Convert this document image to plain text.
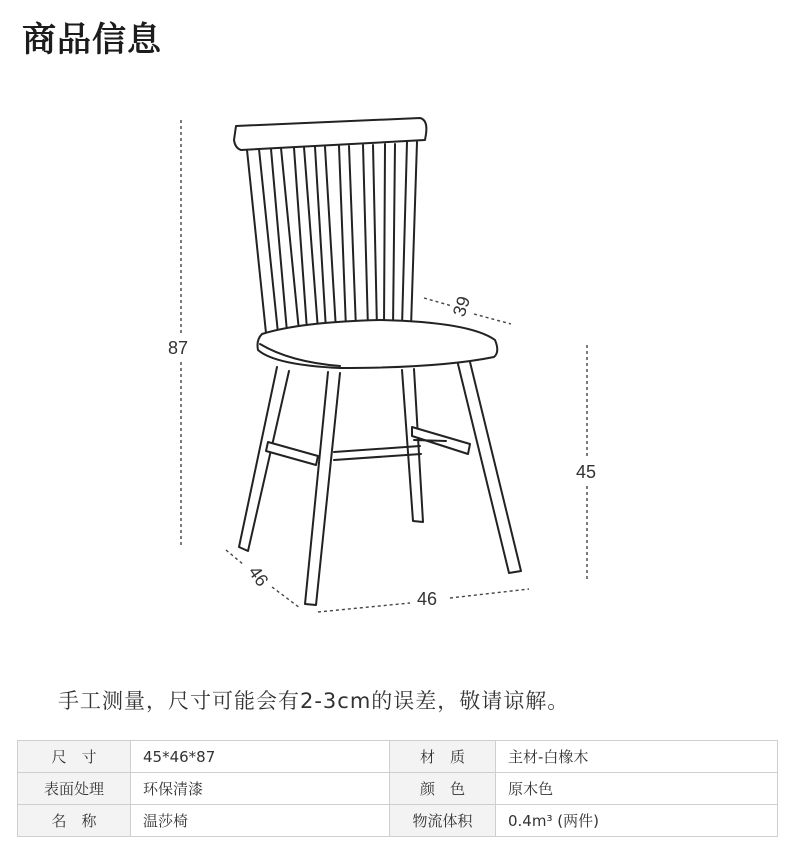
商品信息
87
39
45
46
46
手工测量，尺寸可能会有2-3cm的误差，敬请谅解。
尺　寸	45*46*87	材　质	主材-白橡木
表面处理	环保清漆	颜　色	原木色
名　称	温莎椅	物流体积	0.4m³ (两件)
